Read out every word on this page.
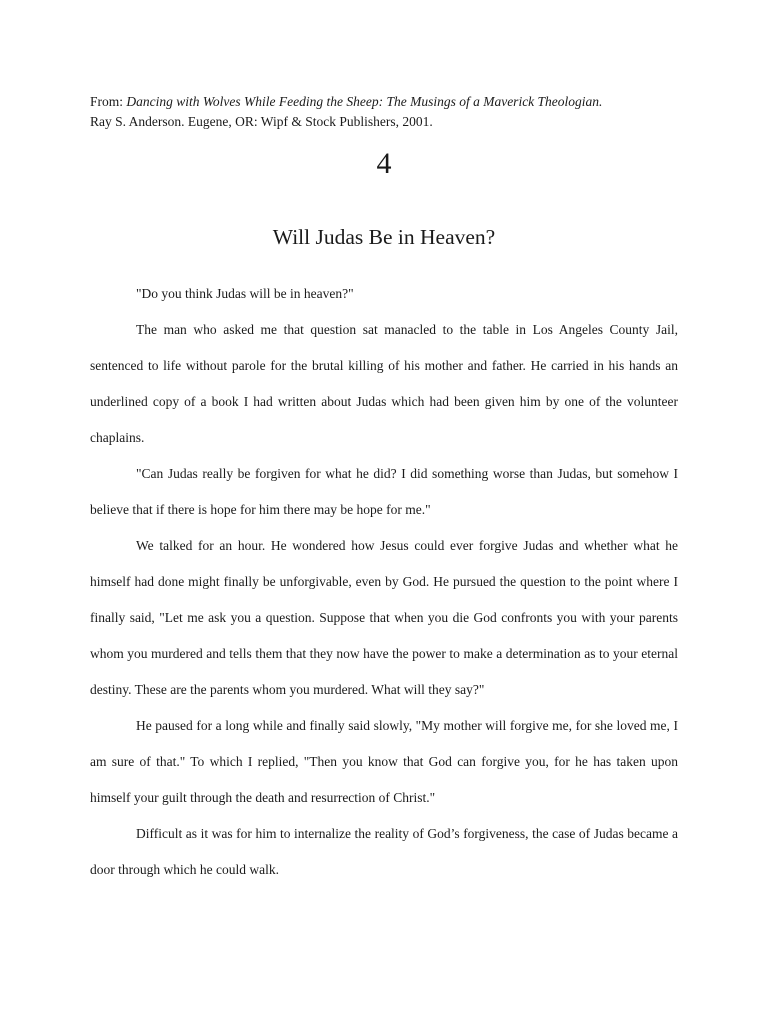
From: Dancing with Wolves While Feeding the Sheep: The Musings of a Maverick Theologian.
Ray S. Anderson. Eugene, OR: Wipf & Stock Publishers, 2001.
4
Will Judas Be in Heaven?

"Do you think Judas will be in heaven?"

The man who asked me that question sat manacled to the table in Los Angeles County Jail, sentenced to life without parole for the brutal killing of his mother and father. He carried in his hands an underlined copy of a book I had written about Judas which had been given him by one of the volunteer chaplains.

"Can Judas really be forgiven for what he did? I did something worse than Judas, but somehow I believe that if there is hope for him there may be hope for me."

We talked for an hour. He wondered how Jesus could ever forgive Judas and whether what he himself had done might finally be unforgivable, even by God. He pursued the question to the point where I finally said, "Let me ask you a question. Suppose that when you die God confronts you with your parents whom you murdered and tells them that they now have the power to make a determination as to your eternal destiny. These are the parents whom you murdered. What will they say?"

He paused for a long while and finally said slowly, "My mother will forgive me, for she loved me, I am sure of that." To which I replied, "Then you know that God can forgive you, for he has taken upon himself your guilt through the death and resurrection of Christ."

Difficult as it was for him to internalize the reality of God’s forgiveness, the case of Judas became a door through which he could walk.
